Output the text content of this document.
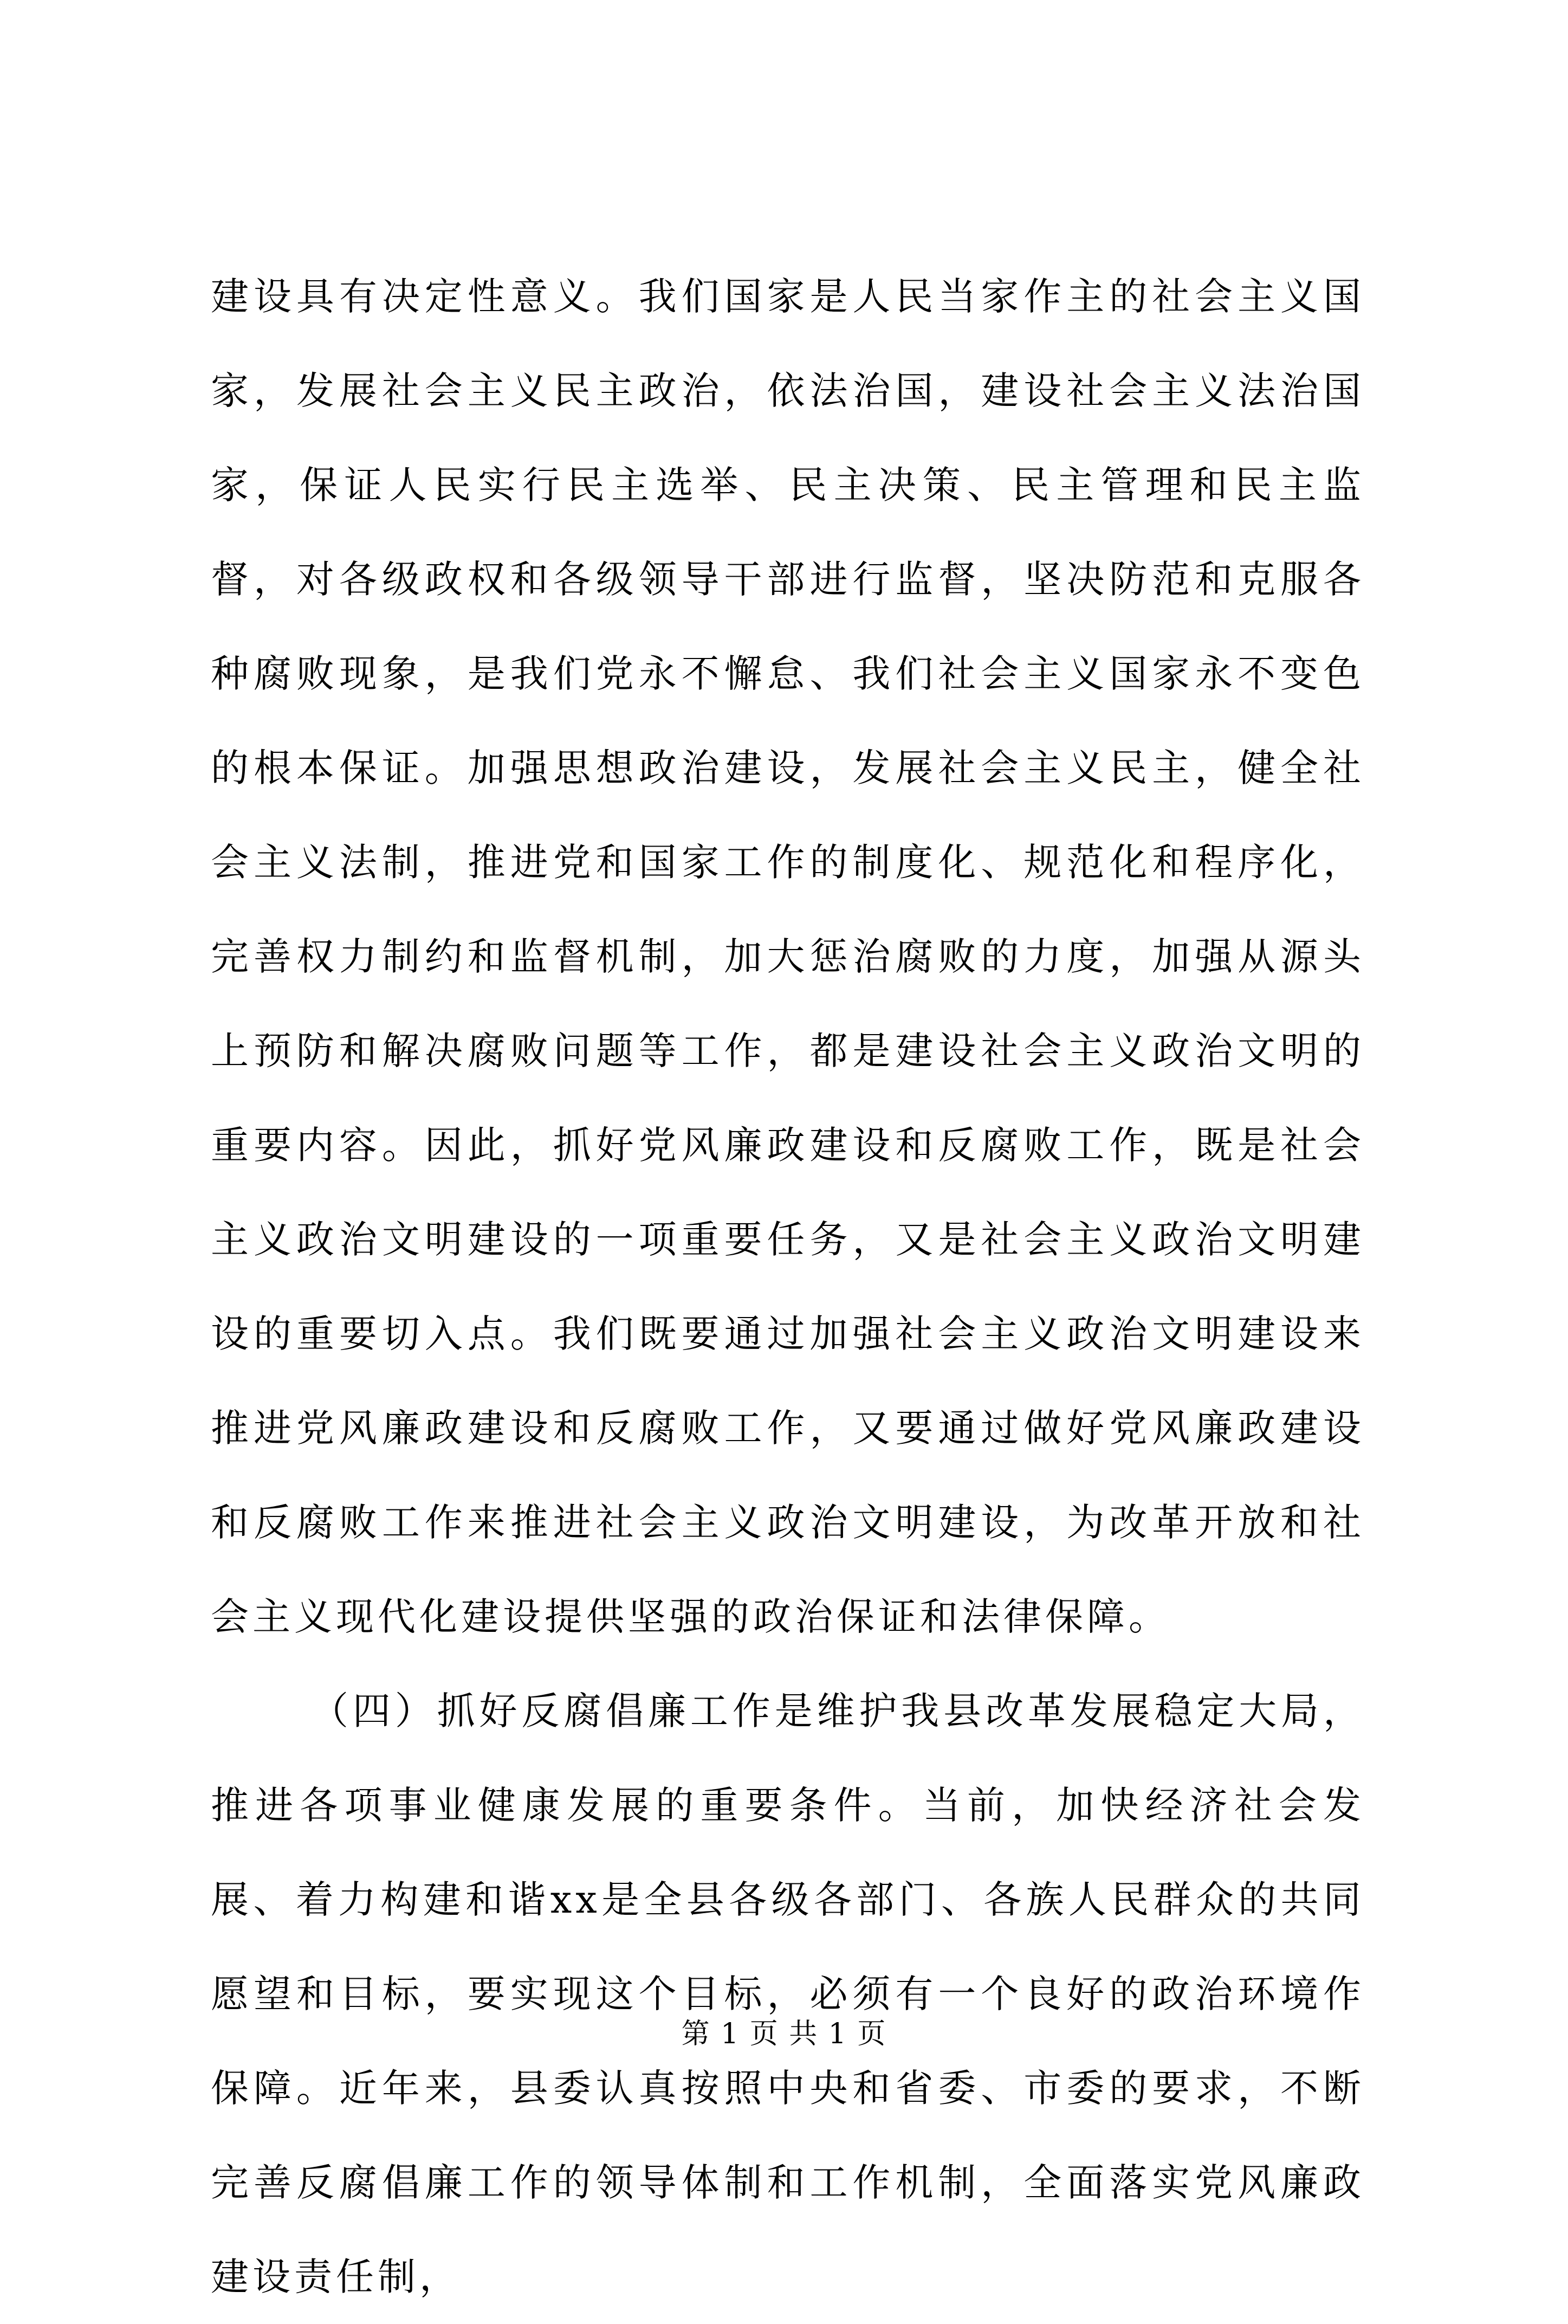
建设具有决定性意义。我们国家是人民当家作主的社会主义国家，发展社会主义民主政治，依法治国，建设社会主义法治国家，保证人民实行民主选举、民主决策、民主管理和民主监督，对各级政权和各级领导干部进行监督，坚决防范和克服各种腐败现象，是我们党永不懈怠、我们社会主义国家永不变色的根本保证。加强思想政治建设，发展社会主义民主，健全社会主义法制，推进党和国家工作的制度化、规范化和程序化，完善权力制约和监督机制，加大惩治腐败的力度，加强从源头上预防和解决腐败问题等工作，都是建设社会主义政治文明的重要内容。因此，抓好党风廉政建设和反腐败工作，既是社会主义政治文明建设的一项重要任务，又是社会主义政治文明建设的重要切入点。我们既要通过加强社会主义政治文明建设来推进党风廉政建设和反腐败工作，又要通过做好党风廉政建设和反腐败工作来推进社会主义政治文明建设，为改革开放和社会主义现代化建设提供坚强的政治保证和法律保障。

（四）抓好反腐倡廉工作是维护我县改革发展稳定大局，推进各项事业健康发展的重要条件。当前，加快经济社会发展、着力构建和谐xx是全县各级各部门、各族人民群众的共同愿望和目标，要实现这个目标，必须有一个良好的政治环境作保障。近年来，县委认真按照中央和省委、市委的要求，不断完善反腐倡廉工作的领导体制和工作机制，全面落实党风廉政建设责任制，

第 1 页 共 1 页
